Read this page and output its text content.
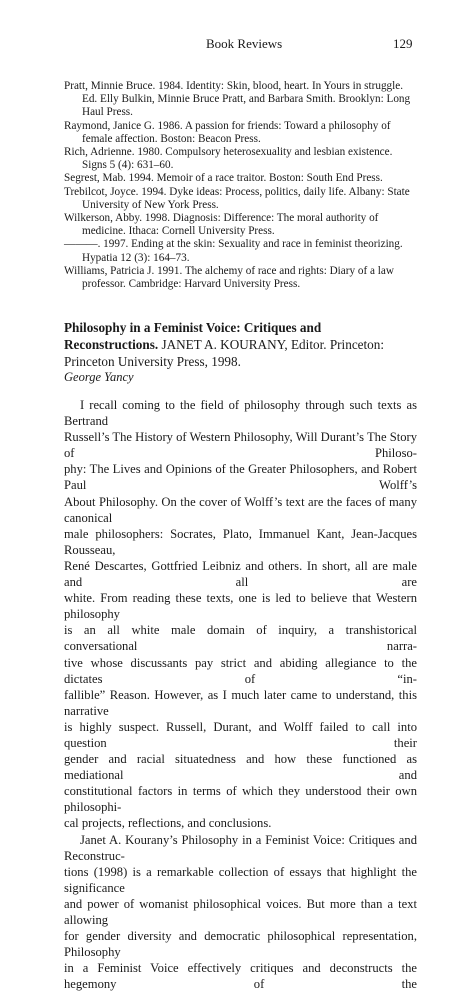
Book Reviews	129

Pratt, Minnie Bruce. 1984. Identity: Skin, blood, heart. In Yours in struggle. Ed. Elly Bulkin, Minnie Bruce Pratt, and Barbara Smith. Brooklyn: Long Haul Press.

Raymond, Janice G. 1986. A passion for friends: Toward a philosophy of female affection. Boston: Beacon Press.

Rich, Adrienne. 1980. Compulsory heterosexuality and lesbian existence. Signs 5 (4): 631–60.

Segrest, Mab. 1994. Memoir of a race traitor. Boston: South End Press.

Trebilcot, Joyce. 1994. Dyke ideas: Process, politics, daily life. Albany: State University of New York Press.

Wilkerson, Abby. 1998. Diagnosis: Difference: The moral authority of medicine. Ithaca: Cornell University Press.

———. 1997. Ending at the skin: Sexuality and race in feminist theorizing. Hypatia 12 (3): 164–73.

Williams, Patricia J. 1991. The alchemy of race and rights: Diary of a law professor. Cambridge: Harvard University Press.

Philosophy in a Feminist Voice: Critiques and Reconstructions. JANET A. KOURANY, Editor. Princeton: Princeton University Press, 1998.
George Yancy

I recall coming to the field of philosophy through such texts as Bertrand
Russell’s The History of Western Philosophy, Will Durant’s The Story of Philoso-
phy: The Lives and Opinions of the Greater Philosophers, and Robert Paul Wolff’s
About Philosophy. On the cover of Wolff’s text are the faces of many canonical
male philosophers: Socrates, Plato, Immanuel Kant, Jean-Jacques Rousseau,
René Descartes, Gottfried Leibniz and others. In short, all are male and all are
white. From reading these texts, one is led to believe that Western philosophy
is an all white male domain of inquiry, a transhistorical conversational narra-
tive whose discussants pay strict and abiding allegiance to the dictates of “in-
fallible” Reason. However, as I much later came to understand, this narrative
is highly suspect. Russell, Durant, and Wolff failed to call into question their
gender and racial situatedness and how these functioned as mediational and
constitutional factors in terms of which they understood their own philosophi-
cal projects, reflections, and conclusions.

Janet A. Kourany’s Philosophy in a Feminist Voice: Critiques and Reconstruc-
tions (1998) is a remarkable collection of essays that highlight the significance
and power of womanist philosophical voices. But more than a text allowing
for gender diversity and democratic philosophical representation, Philosophy
in a Feminist Voice effectively critiques and deconstructs the hegemony of the
